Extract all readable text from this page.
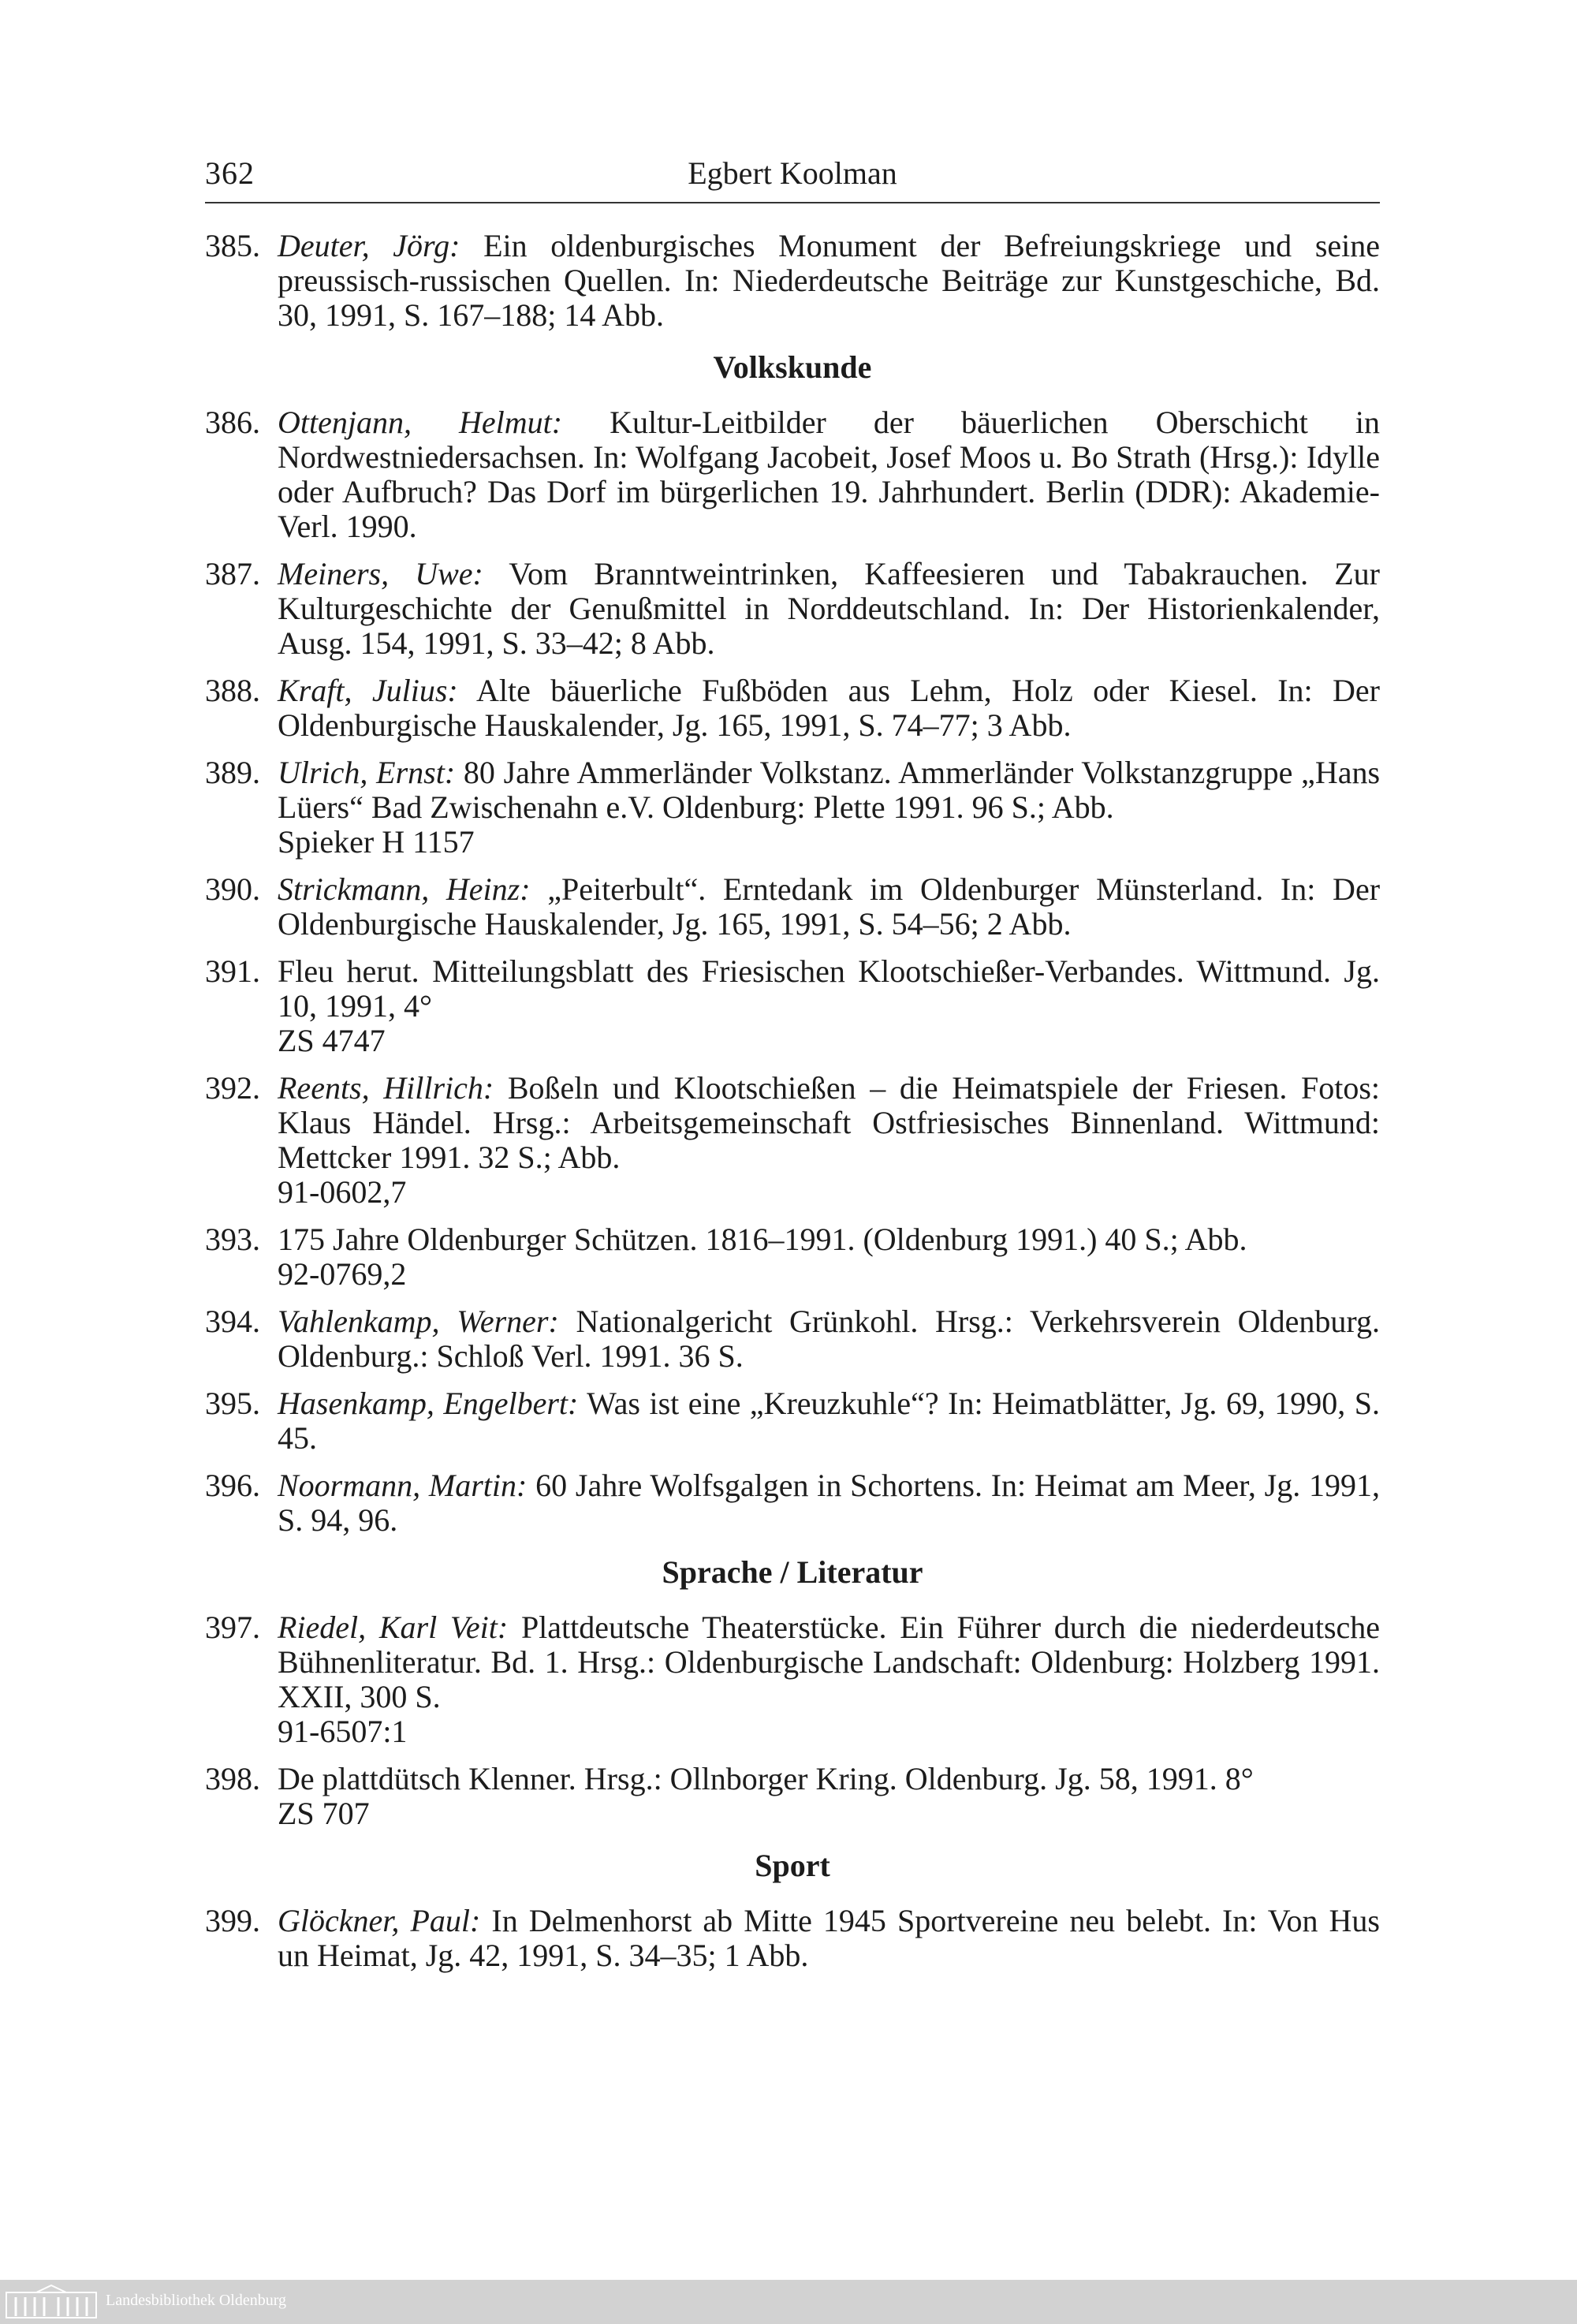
362	Egbert Koolman
385. Deuter, Jörg: Ein oldenburgisches Monument der Befreiungskriege und seine preussisch-russischen Quellen. In: Niederdeutsche Beiträge zur Kunstgeschiche, Bd. 30, 1991, S. 167–188; 14 Abb.
Volkskunde
386. Ottenjann, Helmut: Kultur-Leitbilder der bäuerlichen Oberschicht in Nordwestniedersachsen. In: Wolfgang Jacobeit, Josef Moos u. Bo Strath (Hrsg.): Idylle oder Aufbruch? Das Dorf im bürgerlichen 19. Jahrhundert. Berlin (DDR): Akademie-Verl. 1990.
387. Meiners, Uwe: Vom Branntweintrinken, Kaffeesieren und Tabakrauchen. Zur Kulturgeschichte der Genußmittel in Norddeutschland. In: Der Historienkalender, Ausg. 154, 1991, S. 33–42; 8 Abb.
388. Kraft, Julius: Alte bäuerliche Fußböden aus Lehm, Holz oder Kiesel. In: Der Oldenburgische Hauskalender, Jg. 165, 1991, S. 74–77; 3 Abb.
389. Ulrich, Ernst: 80 Jahre Ammerländer Volkstanz. Ammerländer Volkstanzgruppe „Hans Lüers“ Bad Zwischenahn e.V. Oldenburg: Plette 1991. 96 S.; Abb.
Spieker H 1157
390. Strickmann, Heinz: „Peiterbult“. Erntedank im Oldenburger Münsterland. In: Der Oldenburgische Hauskalender, Jg. 165, 1991, S. 54–56; 2 Abb.
391. Fleu herut. Mitteilungsblatt des Friesischen Klootschießer-Verbandes. Wittmund. Jg. 10, 1991, 4°
ZS 4747
392. Reents, Hillrich: Boßeln und Klootschießen – die Heimatspiele der Friesen. Fotos: Klaus Händel. Hrsg.: Arbeitsgemeinschaft Ostfriesisches Binnenland. Wittmund: Mettcker 1991. 32 S.; Abb.
91-0602,7
393. 175 Jahre Oldenburger Schützen. 1816–1991. (Oldenburg 1991.) 40 S.; Abb.
92-0769,2
394. Vahlenkamp, Werner: Nationalgericht Grünkohl. Hrsg.: Verkehrsverein Oldenburg. Oldenburg.: Schloß Verl. 1991. 36 S.
395. Hasenkamp, Engelbert: Was ist eine „Kreuzkuhle“? In: Heimatblätter, Jg. 69, 1990, S. 45.
396. Noormann, Martin: 60 Jahre Wolfsgalgen in Schortens. In: Heimat am Meer, Jg. 1991, S. 94, 96.
Sprache / Literatur
397. Riedel, Karl Veit: Plattdeutsche Theaterstücke. Ein Führer durch die niederdeutsche Bühnenliteratur. Bd. 1. Hrsg.: Oldenburgische Landschaft: Oldenburg: Holzberg 1991. XXII, 300 S.
91-6507:1
398. De plattdütsch Klenner. Hrsg.: Ollnborger Kring. Oldenburg. Jg. 58, 1991. 8°
ZS 707
Sport
399. Glöckner, Paul: In Delmenhorst ab Mitte 1945 Sportvereine neu belebt. In: Von Hus un Heimat, Jg. 42, 1991, S. 34–35; 1 Abb.
Landesbibliothek Oldenburg
